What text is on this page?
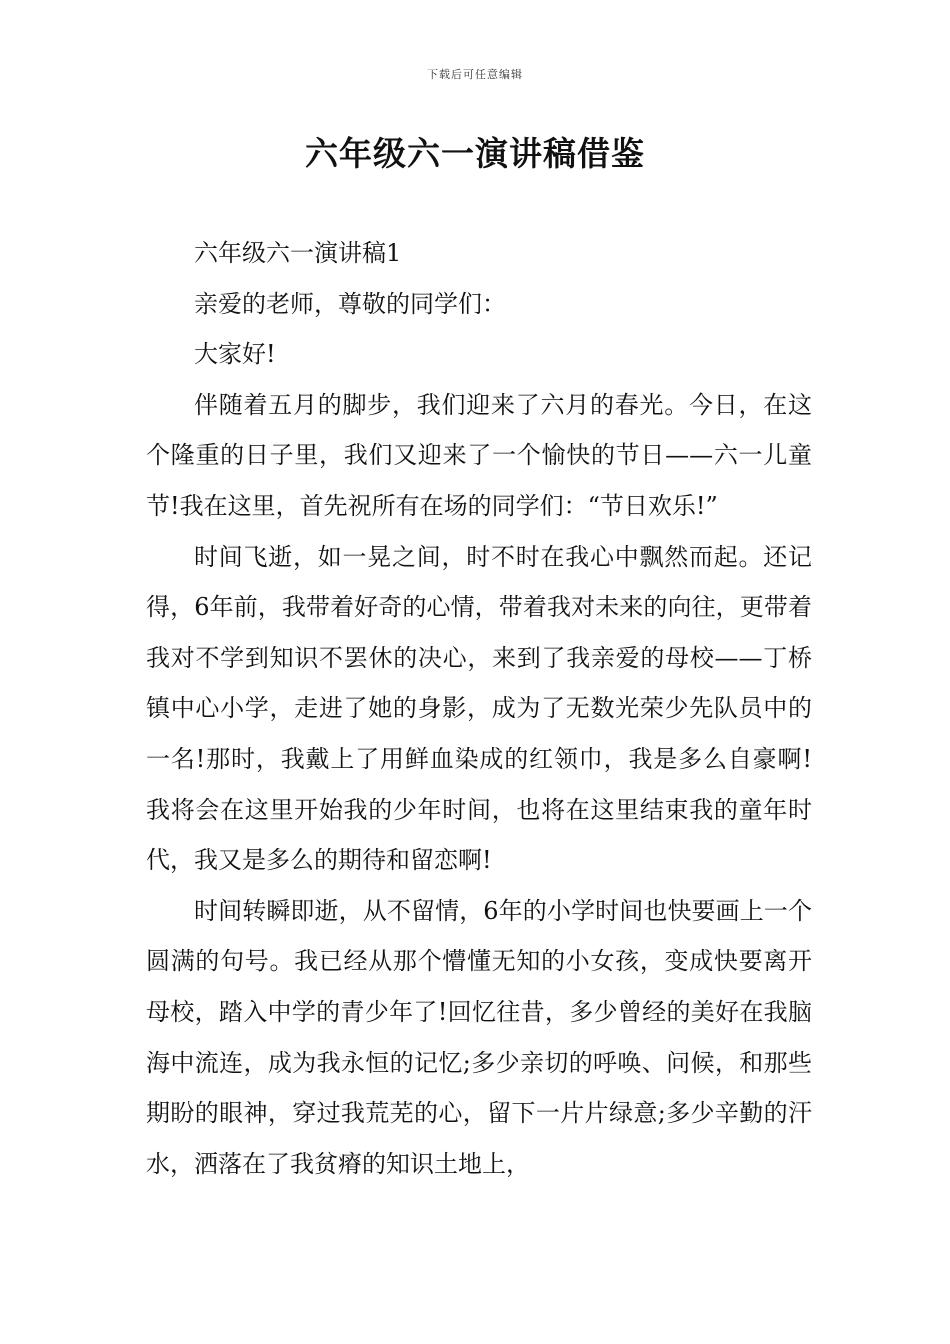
下载后可任意编辑
六年级六一演讲稿借鉴

六年级六一演讲稿1

亲爱的老师，尊敬的同学们：

大家好!

伴随着五月的脚步，我们迎来了六月的春光。今日，在这个隆重的日子里，我们又迎来了一个愉快的节日——六一儿童节!我在这里，首先祝所有在场的同学们：“节日欢乐!”

时间飞逝，如一晃之间，时不时在我心中飘然而起。还记得，6年前，我带着好奇的心情，带着我对未来的向往，更带着我对不学到知识不罢休的决心，来到了我亲爱的母校——丁桥镇中心小学，走进了她的身影，成为了无数光荣少先队员中的一名!那时，我戴上了用鲜血染成的红领巾，我是多么自豪啊!我将会在这里开始我的少年时间，也将在这里结束我的童年时代，我又是多么的期待和留恋啊!

时间转瞬即逝，从不留情，6年的小学时间也快要画上一个圆满的句号。我已经从那个懵懂无知的小女孩，变成快要离开母校，踏入中学的青少年了!回忆往昔，多少曾经的美好在我脑海中流连，成为我永恒的记忆;多少亲切的呼唤、问候，和那些期盼的眼神，穿过我荒芜的心，留下一片片绿意;多少辛勤的汗水，洒落在了我贫瘠的知识土地上，
